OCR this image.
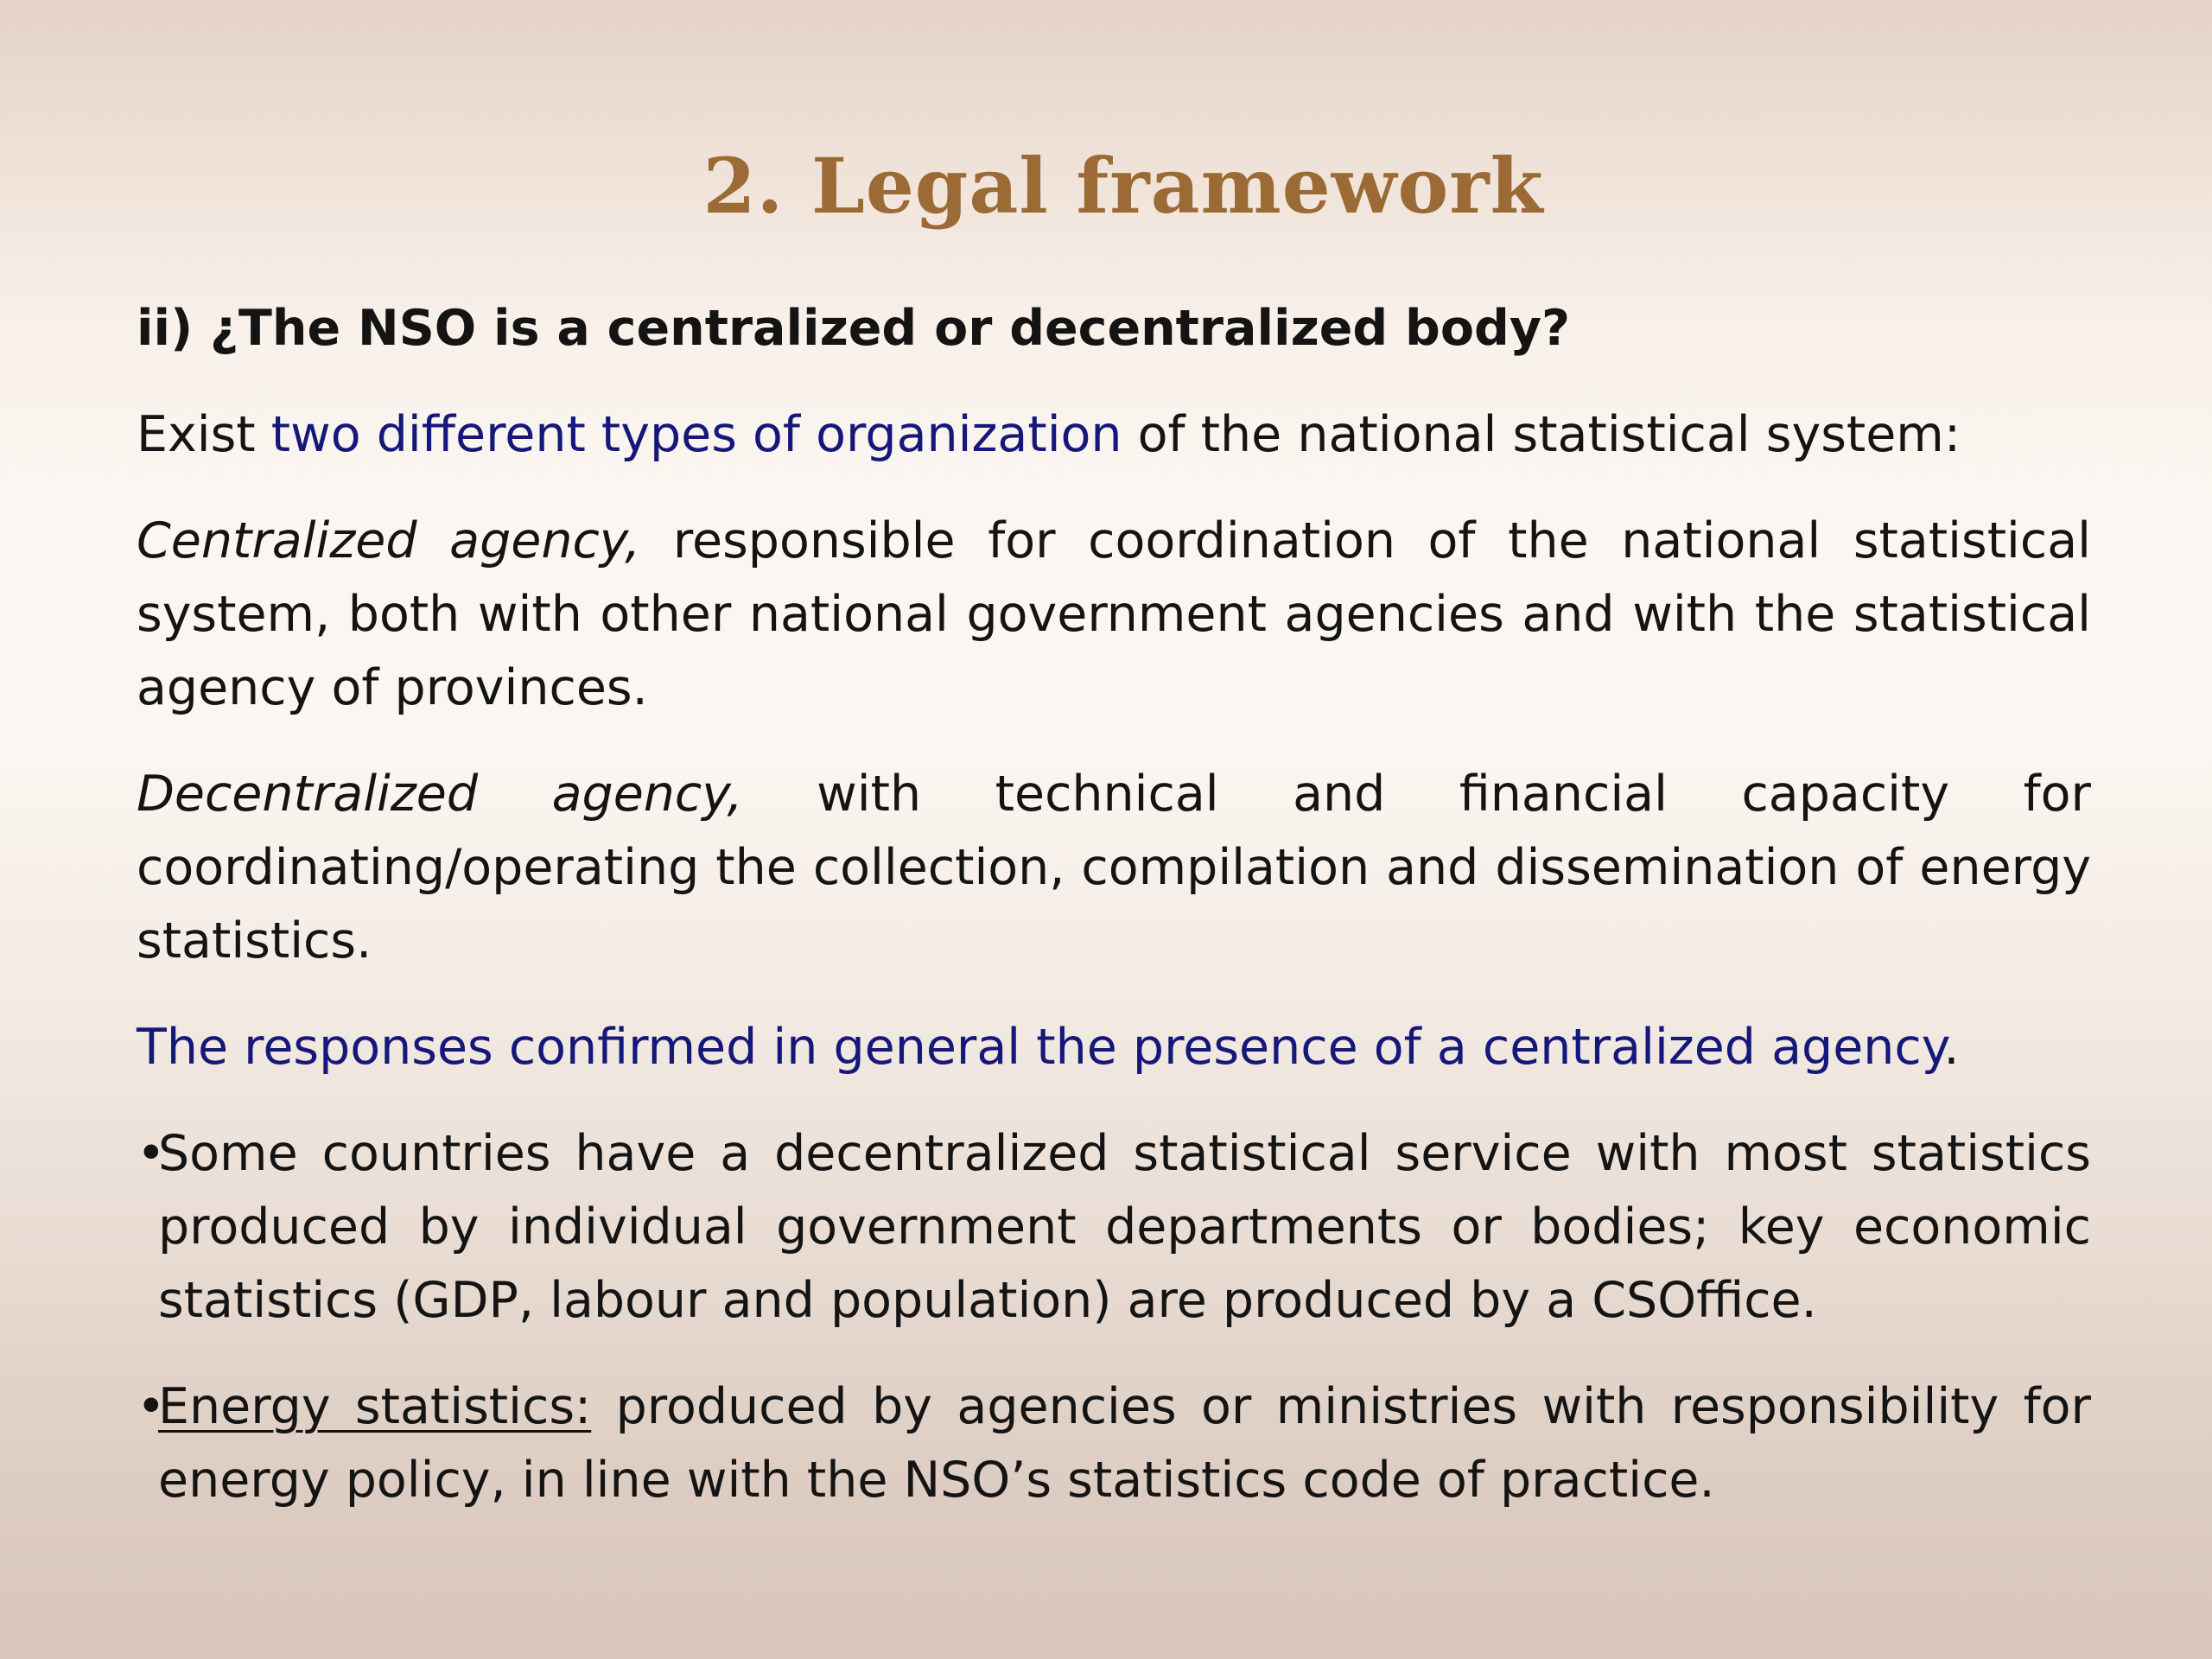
2. Legal framework

ii) ¿The NSO is a centralized or decentralized body?

Exist two different types of organization of the national statistical system:

Centralized agency, responsible for coordination of the national statistical system, both with other national government agencies and with the statistical agency of provinces.

Decentralized agency, with technical and financial capacity for coordinating/operating the collection, compilation and dissemination of energy statistics.

The responses confirmed in general the presence of a centralized agency.

•
Some countries have a decentralized statistical service with most statistics produced by individual government departments or bodies; key economic statistics (GDP, labour and population) are produced by a CSOffice.
•
Energy statistics: produced by agencies or ministries with responsibility for energy policy, in line with the NSO’s statistics code of practice.
